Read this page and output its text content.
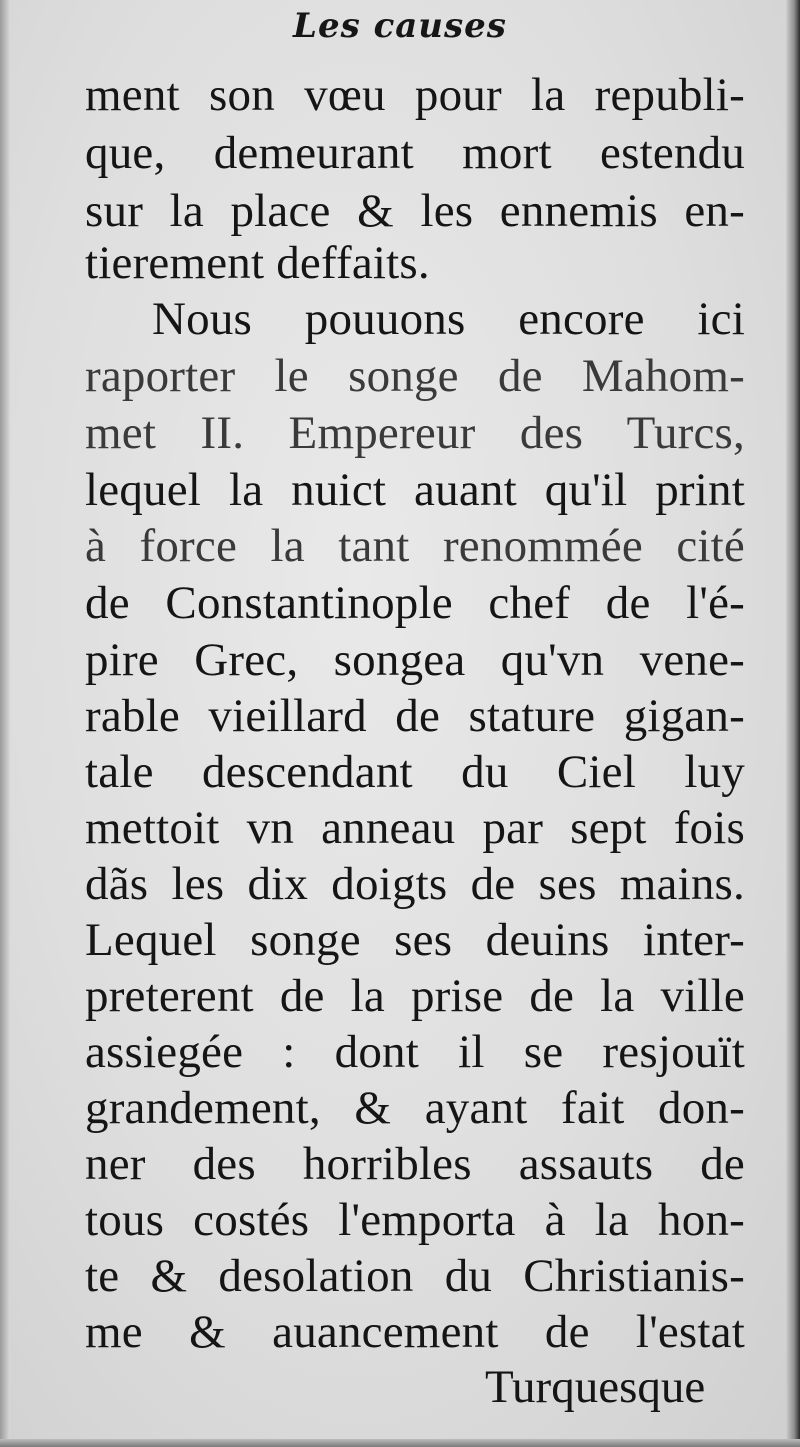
Les causes
ment son vœu pour la republi-
que, demeurant mort estendu
sur la place & les ennemis en-
tierement deffaits.
Nous pouuons encore ici
raporter le songe de Mahom-
met II. Empereur des Turcs,
lequel la nuict auant qu'il print
à force la tant renommée cité
de Constantinople chef de l'é-
pire Grec, songea qu'vn vene-
rable vieillard de stature gigan-
tale descendant du Ciel luy
mettoit vn anneau par sept fois
dãs les dix doigts de ses mains.
Lequel songe ses deuins inter-
preterent de la prise de la ville
assiegée : dont il se resjouït
grandement, & ayant fait don-
ner des horribles assauts de
tous costés l'emporta à la hon-
te & desolation du Christianis-
me & auancement de l'estat
Turquesque
